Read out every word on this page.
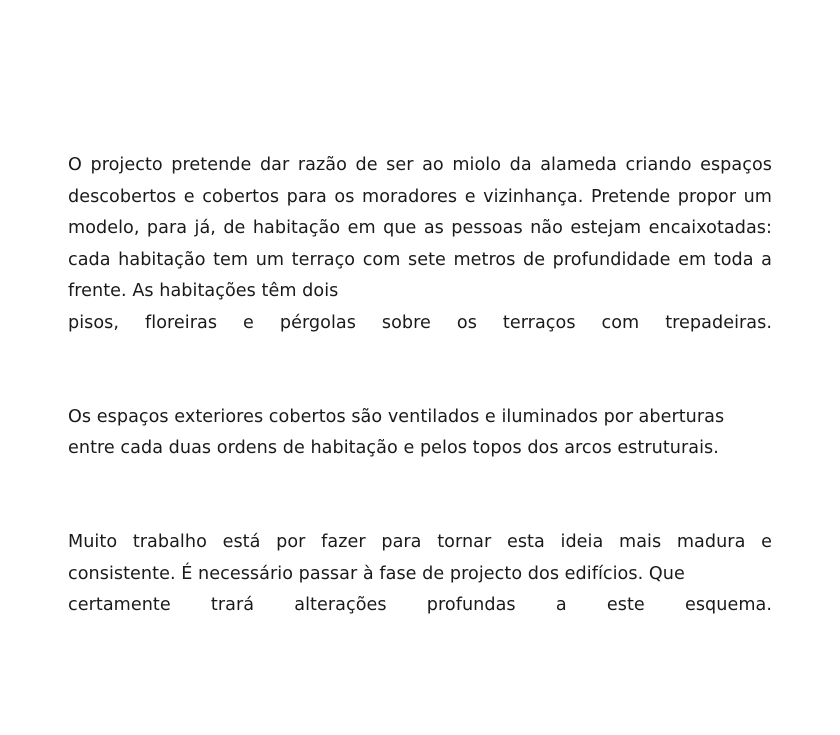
O projecto pretende dar razão de ser ao miolo da alameda criando espaços descobertos e cobertos para os moradores e vizinhança. Pretende propor um modelo, para já, de habitação em que as pessoas não estejam encaixotadas: cada habitação tem um terraço com sete metros de profundidade em toda a frente. As habitações têm dois
pisos, floreiras e pérgolas sobre os terraços com trepadeiras.

Os espaços exteriores cobertos são ventilados e iluminados por aberturas
entre cada duas ordens de habitação e pelos topos dos arcos estruturais.

Muito trabalho está por fazer para tornar esta ideia mais madura e consistente. É necessário passar à fase de projecto dos edifícios. Que
certamente trará alterações profundas a este esquema.
